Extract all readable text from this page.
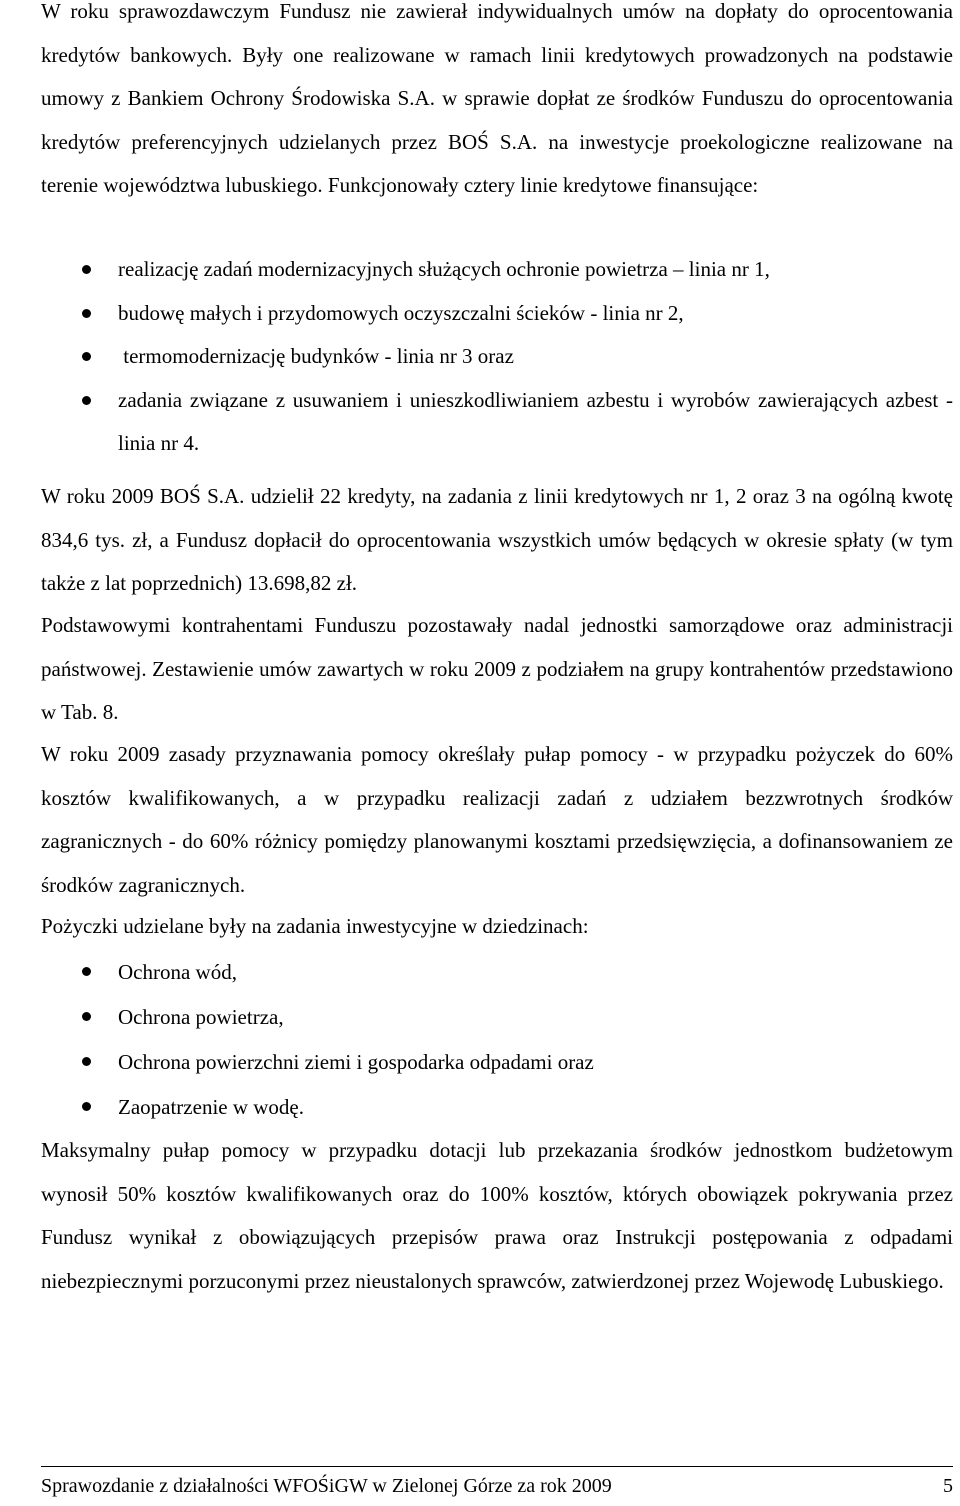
W roku sprawozdawczym Fundusz nie zawierał indywidualnych umów na dopłaty do oprocentowania kredytów bankowych. Były one realizowane w ramach linii kredytowych prowadzonych na podstawie umowy z Bankiem Ochrony Środowiska S.A. w sprawie dopłat ze środków Funduszu do oprocentowania kredytów preferencyjnych udzielanych przez BOŚ S.A. na inwestycje proekologiczne realizowane na terenie województwa lubuskiego. Funkcjonowały cztery linie kredytowe finansujące:

realizację zadań modernizacyjnych służących ochronie powietrza – linia nr 1,
budowę małych i przydomowych oczyszczalni ścieków - linia nr 2,
termomodernizację budynków - linia nr 3 oraz
zadania związane z usuwaniem i unieszkodliwianiem azbestu i wyrobów zawierających azbest - linia nr 4.

W roku 2009 BOŚ S.A. udzielił 22 kredyty, na zadania z linii kredytowych nr 1, 2 oraz 3 na ogólną kwotę 834,6 tys. zł, a Fundusz dopłacił do oprocentowania wszystkich umów będących w okresie spłaty (w tym także z lat poprzednich) 13.698,82 zł.

Podstawowymi kontrahentami Funduszu pozostawały nadal jednostki samorządowe oraz administracji państwowej. Zestawienie umów zawartych w roku 2009 z podziałem na grupy kontrahentów przedstawiono w Tab. 8.

W roku 2009 zasady przyznawania pomocy określały pułap pomocy - w przypadku pożyczek do 60% kosztów kwalifikowanych, a w przypadku realizacji zadań z udziałem bezzwrotnych środków zagranicznych - do 60% różnicy pomiędzy planowanymi kosztami przedsięwzięcia, a dofinansowaniem ze środków zagranicznych.

Pożyczki udzielane były na zadania inwestycyjne w dziedzinach:

Ochrona wód,
Ochrona powietrza,
Ochrona powierzchni ziemi i gospodarka odpadami oraz
Zaopatrzenie w wodę.

Maksymalny pułap pomocy w przypadku dotacji lub przekazania środków jednostkom budżetowym wynosił 50% kosztów kwalifikowanych oraz do 100% kosztów, których obowiązek pokrywania przez Fundusz wynikał z obowiązujących przepisów prawa oraz Instrukcji postępowania z odpadami niebezpiecznymi porzuconymi przez nieustalonych sprawców, zatwierdzonej przez Wojewodę Lubuskiego.

Sprawozdanie z działalności WFOŚiGW w Zielonej Górze za rok 2009	5
